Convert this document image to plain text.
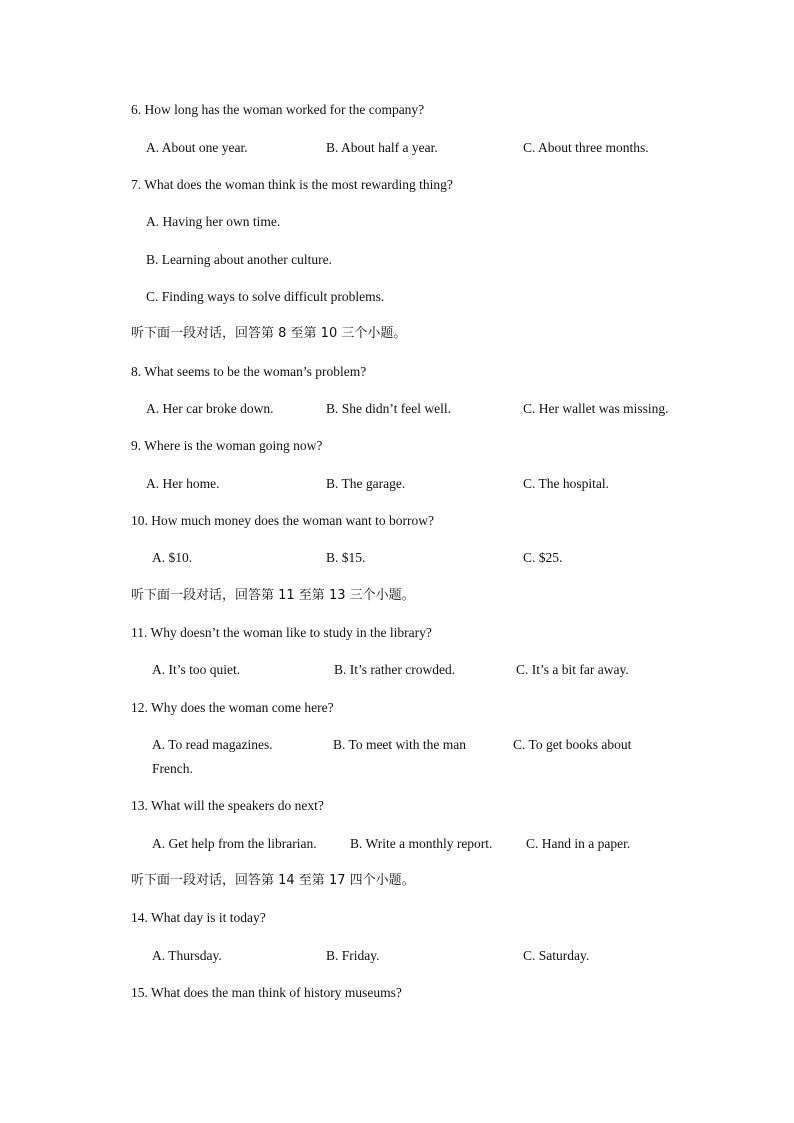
6. How long has the woman worked for the company?
A. About one year.	B. About half a year.	C. About three months.
7. What does the woman think is the most rewarding thing?
A. Having her own time.
B. Learning about another culture.
C. Finding ways to solve difficult problems.
听下面一段对话，回答第 8 至第 10 三个小题。
8. What seems to be the woman’s problem?
A. Her car broke down.	B. She didn’t feel well.	C. Her wallet was missing.
9. Where is the woman going now?
A. Her home.	B. The garage.	C. The hospital.
10. How much money does the woman want to borrow?
A. $10.	B. $15.	C. $25.
听下面一段对话，回答第 11 至第 13 三个小题。
11. Why doesn’t the woman like to study in the library?
A. It’s too quiet.	B. It’s rather crowded.	C. It’s a bit far away.
12. Why does the woman come here?
A. To read magazines.	B. To meet with the man	C. To get books about
French.
13. What will the speakers do next?
A. Get help from the librarian. B. Write a monthly report. C. Hand in a paper.
听下面一段对话，回答第 14 至第 17 四个小题。
14. What day is it today?
A. Thursday.	B. Friday.	C. Saturday.
15. What does the man think of history museums?
